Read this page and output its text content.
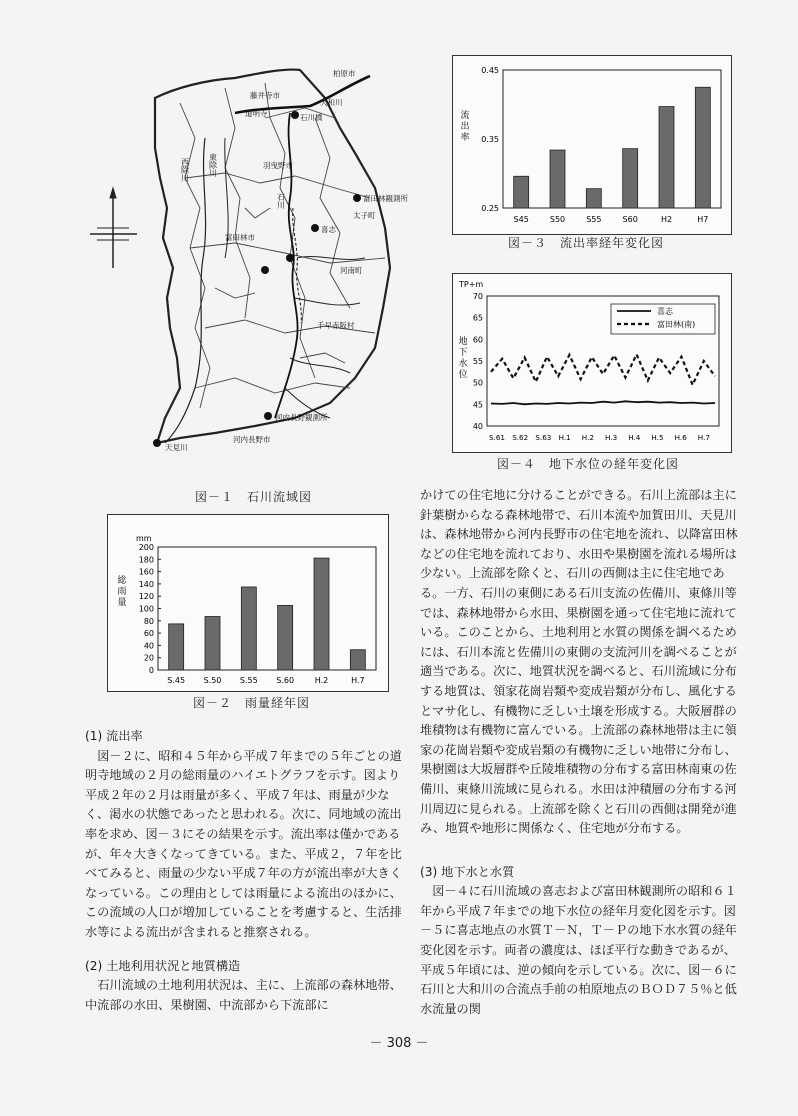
柏原市
大和川
藤井寺市
道明寺	石川橋
羽曳野市
富田林観測所
太子町
喜志
富田林市
河南町
千早赤阪村
河内長野観測所
河内長野市
天見川
西除川 東除川
石川
図－１　石川流域図
mm
0
20
40
60
80
100
120
140
160
180
200
総雨量
S.45 S.50 S.55 S.60	H.2	H.7
図－２　雨量経年図
0.25
0.35
0.45
流出率
S45	S50	S55	S60	H2	H7
図－３　流出率経年変化図
TP+m
40
45
50
55
60
65
70
地下水位
S.61 S.62 S.63 H.1 H.2 H.3 H.4 H.5 H.6 H.7
喜志
富田林(南)
図－４　地下水位の経年変化図

(1) 流出率

図－２に、昭和４５年から平成７年までの５年ごとの道明寺地域の２月の総雨量のハイエトグラフを示す。図より平成２年の２月は雨量が多く、平成７年は、雨量が少なく、渇水の状態であったと思われる。次に、同地域の流出率を求め、図－３にその結果を示す。流出率は僅かであるが、年々大きくなってきている。また、平成２，７年を比べてみると、雨量の少ない平成７年の方が流出率が大きくなっている。この理由としては雨量による流出のほかに、この流域の人口が増加していることを考慮すると、生活排水等による流出が含まれると推察される。

(2) 土地利用状況と地質構造

石川流域の土地利用状況は、主に、上流部の森林地帯、中流部の水田、果樹園、中流部から下流部に

かけての住宅地に分けることができる。石川上流部は主に針葉樹からなる森林地帯で、石川本流や加賀田川、天見川は、森林地帯から河内長野市の住宅地を流れ、以降富田林などの住宅地を流れており、水田や果樹園を流れる場所は少ない。上流部を除くと、石川の西側は主に住宅地である。一方、石川の東側にある石川支流の佐備川、東條川等では、森林地帯から水田、果樹園を通って住宅地に流れている。このことから、土地利用と水質の関係を調べるためには、石川本流と佐備川の東側の支流河川を調べることが適当である。次に、地質状況を調べると、石川流域に分布する地質は、領家花崗岩類や変成岩類が分布し、風化するとマサ化し、有機物に乏しい土壌を形成する。大阪層群の堆積物は有機物に富んでいる。上流部の森林地帯は主に領家の花崗岩類や変成岩類の有機物に乏しい地帯に分布し、果樹園は大坂層群や丘陵堆積物の分布する富田林南東の佐備川、東條川流域に見られる。水田は沖積層の分布する河川周辺に見られる。上流部を除くと石川の西側は開発が進み、地質や地形に関係なく、住宅地が分布する。

(3) 地下水と水質

図－４に石川流域の喜志および富田林観測所の昭和６１年から平成７年までの地下水位の経年月変化図を示す。図－５に喜志地点の水質Ｔ－Ｎ，Ｔ－Ｐの地下水水質の経年変化図を示す。両者の濃度は、ほぼ平行な動きであるが、平成５年頃には、逆の傾向を示している。次に、図－６に石川と大和川の合流点手前の柏原地点のＢＯＤ７５％と低水流量の関

－ 308 －
